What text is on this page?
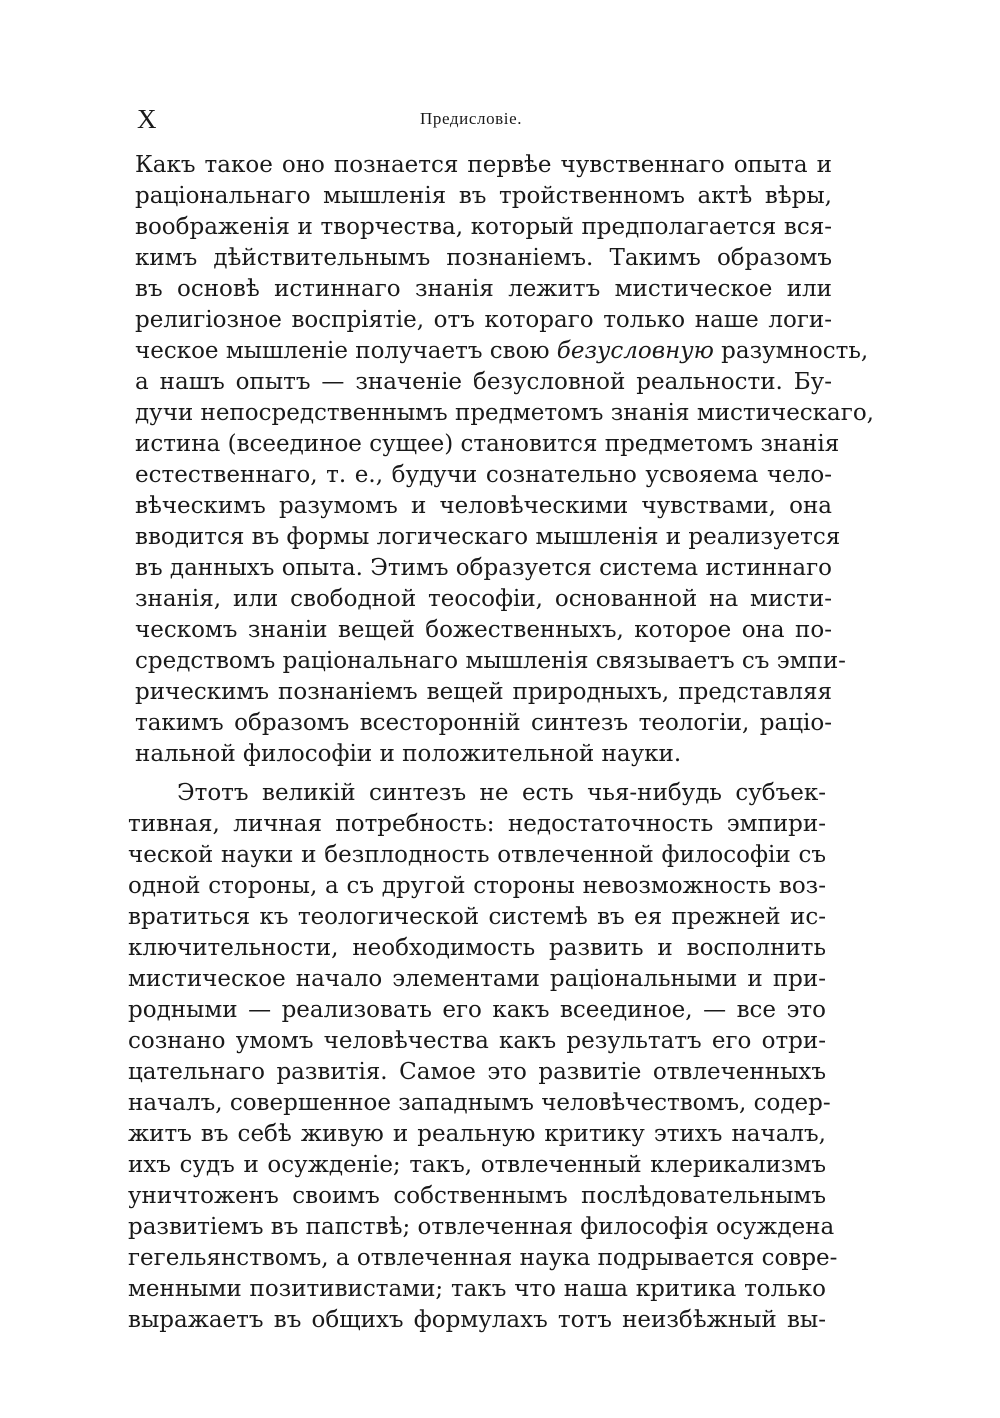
X	Предисловіе.
Какъ такое оно познается первѣе чувственнаго опыта и
раціональнаго мышленія въ тройственномъ актѣ вѣры,
воображенія и творчества, который предполагается вся-
кимъ дѣйствительнымъ познаніемъ. Такимъ образомъ
въ основѣ истиннаго знанія лежитъ мистическое или
религіозное воспріятіе, отъ котораго только наше логи-
ческое мышленіе получаетъ свою безусловную разумность,
а нашъ опытъ — значеніе безусловной реальности. Бу-
дучи непосредственнымъ предметомъ знанія мистическаго,
истина (всеединое сущее) становится предметомъ знанія
естественнаго, т. е., будучи сознательно усвояема чело-
вѣческимъ разумомъ и человѣческими чувствами, она
вводится въ формы логическаго мышленія и реализуется
въ данныхъ опыта. Этимъ образуется система истиннаго
знанія, или свободной теософіи, основанной на мисти-
ческомъ знаніи вещей божественныхъ, которое она по-
средствомъ раціональнаго мышленія связываетъ съ эмпи-
рическимъ познаніемъ вещей природныхъ, представляя
такимъ образомъ всесторонній синтезъ теологіи, раціо-
нальной философіи и положительной науки.
Этотъ великій синтезъ не есть чья-нибудь субъек-
тивная, личная потребность: недостаточность эмпири-
ческой науки и безплодность отвлеченной философіи съ
одной стороны, а съ другой стороны невозможность воз-
вратиться къ теологической системѣ въ ея прежней ис-
ключительности, необходимость развить и восполнить
мистическое начало элементами раціональными и при-
родными — реализовать его какъ всеединое, — все это
сознано умомъ человѣчества какъ результатъ его отри-
цательнаго развитія. Самое это развитіе отвлеченныхъ
началъ, совершенное западнымъ человѣчествомъ, содер-
житъ въ себѣ живую и реальную критику этихъ началъ,
ихъ судъ и осужденіе; такъ, отвлеченный клерикализмъ
уничтоженъ своимъ собственнымъ послѣдовательнымъ
развитіемъ въ папствѣ; отвлеченная философія осуждена
гегельянствомъ, а отвлеченная наука подрывается совре-
менными позитивистами; такъ что наша критика только
выражаетъ въ общихъ формулахъ тотъ неизбѣжный вы-
